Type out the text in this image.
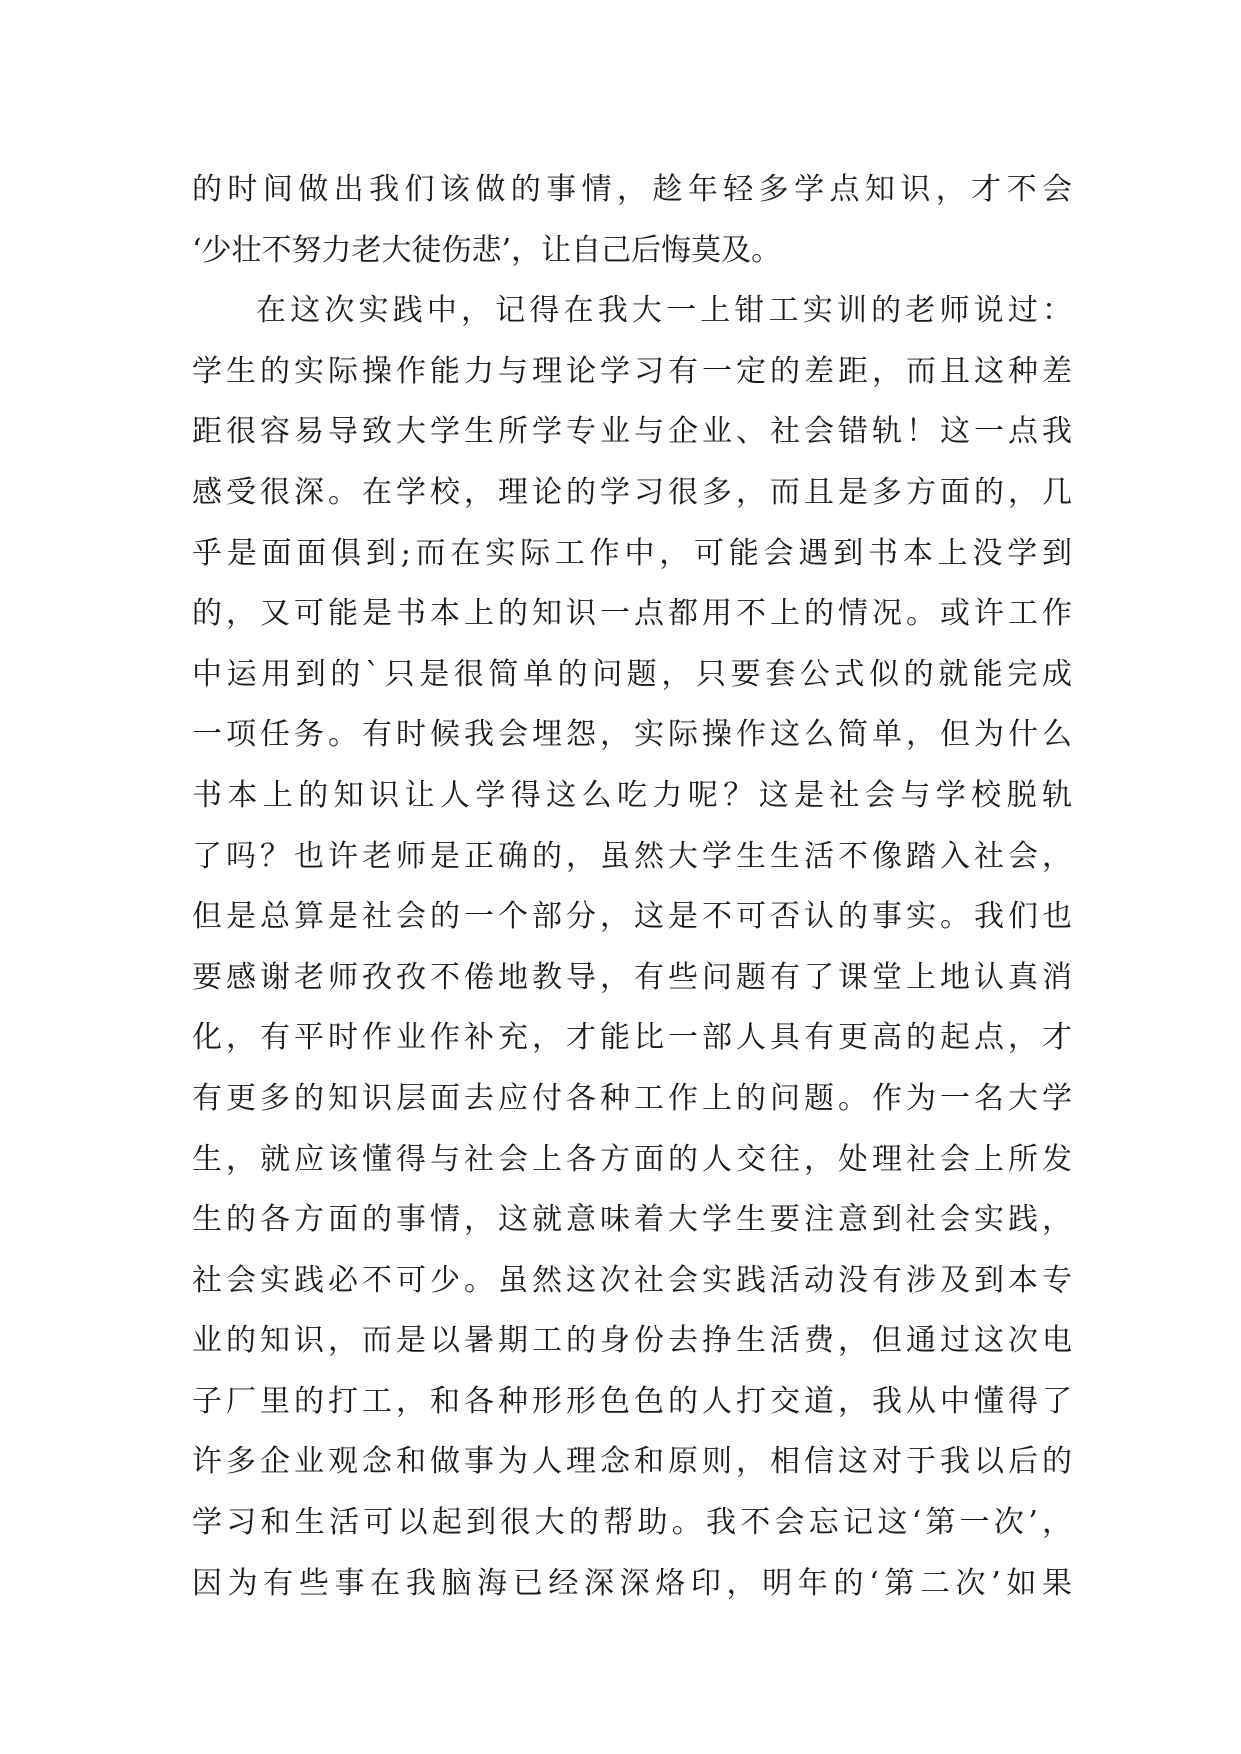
的时间做出我们该做的事情，趁年轻多学点知识，才不会
‘少壮不努力老大徒伤悲’，让自己后悔莫及。
在这次实践中，记得在我大一上钳工实训的老师说过：
学生的实际操作能力与理论学习有一定的差距，而且这种差
距很容易导致大学生所学专业与企业、社会错轨！这一点我
感受很深。在学校，理论的学习很多，而且是多方面的，几
乎是面面俱到;而在实际工作中，可能会遇到书本上没学到
的，又可能是书本上的知识一点都用不上的情况。或许工作
中运用到的`只是很简单的问题，只要套公式似的就能完成
一项任务。有时候我会埋怨，实际操作这么简单，但为什么
书本上的知识让人学得这么吃力呢？这是社会与学校脱轨
了吗？也许老师是正确的，虽然大学生生活不像踏入社会，
但是总算是社会的一个部分，这是不可否认的事实。我们也
要感谢老师孜孜不倦地教导，有些问题有了课堂上地认真消
化，有平时作业作补充，才能比一部人具有更高的起点，才
有更多的知识层面去应付各种工作上的问题。作为一名大学
生，就应该懂得与社会上各方面的人交往，处理社会上所发
生的各方面的事情，这就意味着大学生要注意到社会实践，
社会实践必不可少。虽然这次社会实践活动没有涉及到本专
业的知识，而是以暑期工的身份去挣生活费，但通过这次电
子厂里的打工，和各种形形色色的人打交道，我从中懂得了
许多企业观念和做事为人理念和原则，相信这对于我以后的
学习和生活可以起到很大的帮助。我不会忘记这‘第一次’，
因为有些事在我脑海已经深深烙印，明年的‘第二次’如果
